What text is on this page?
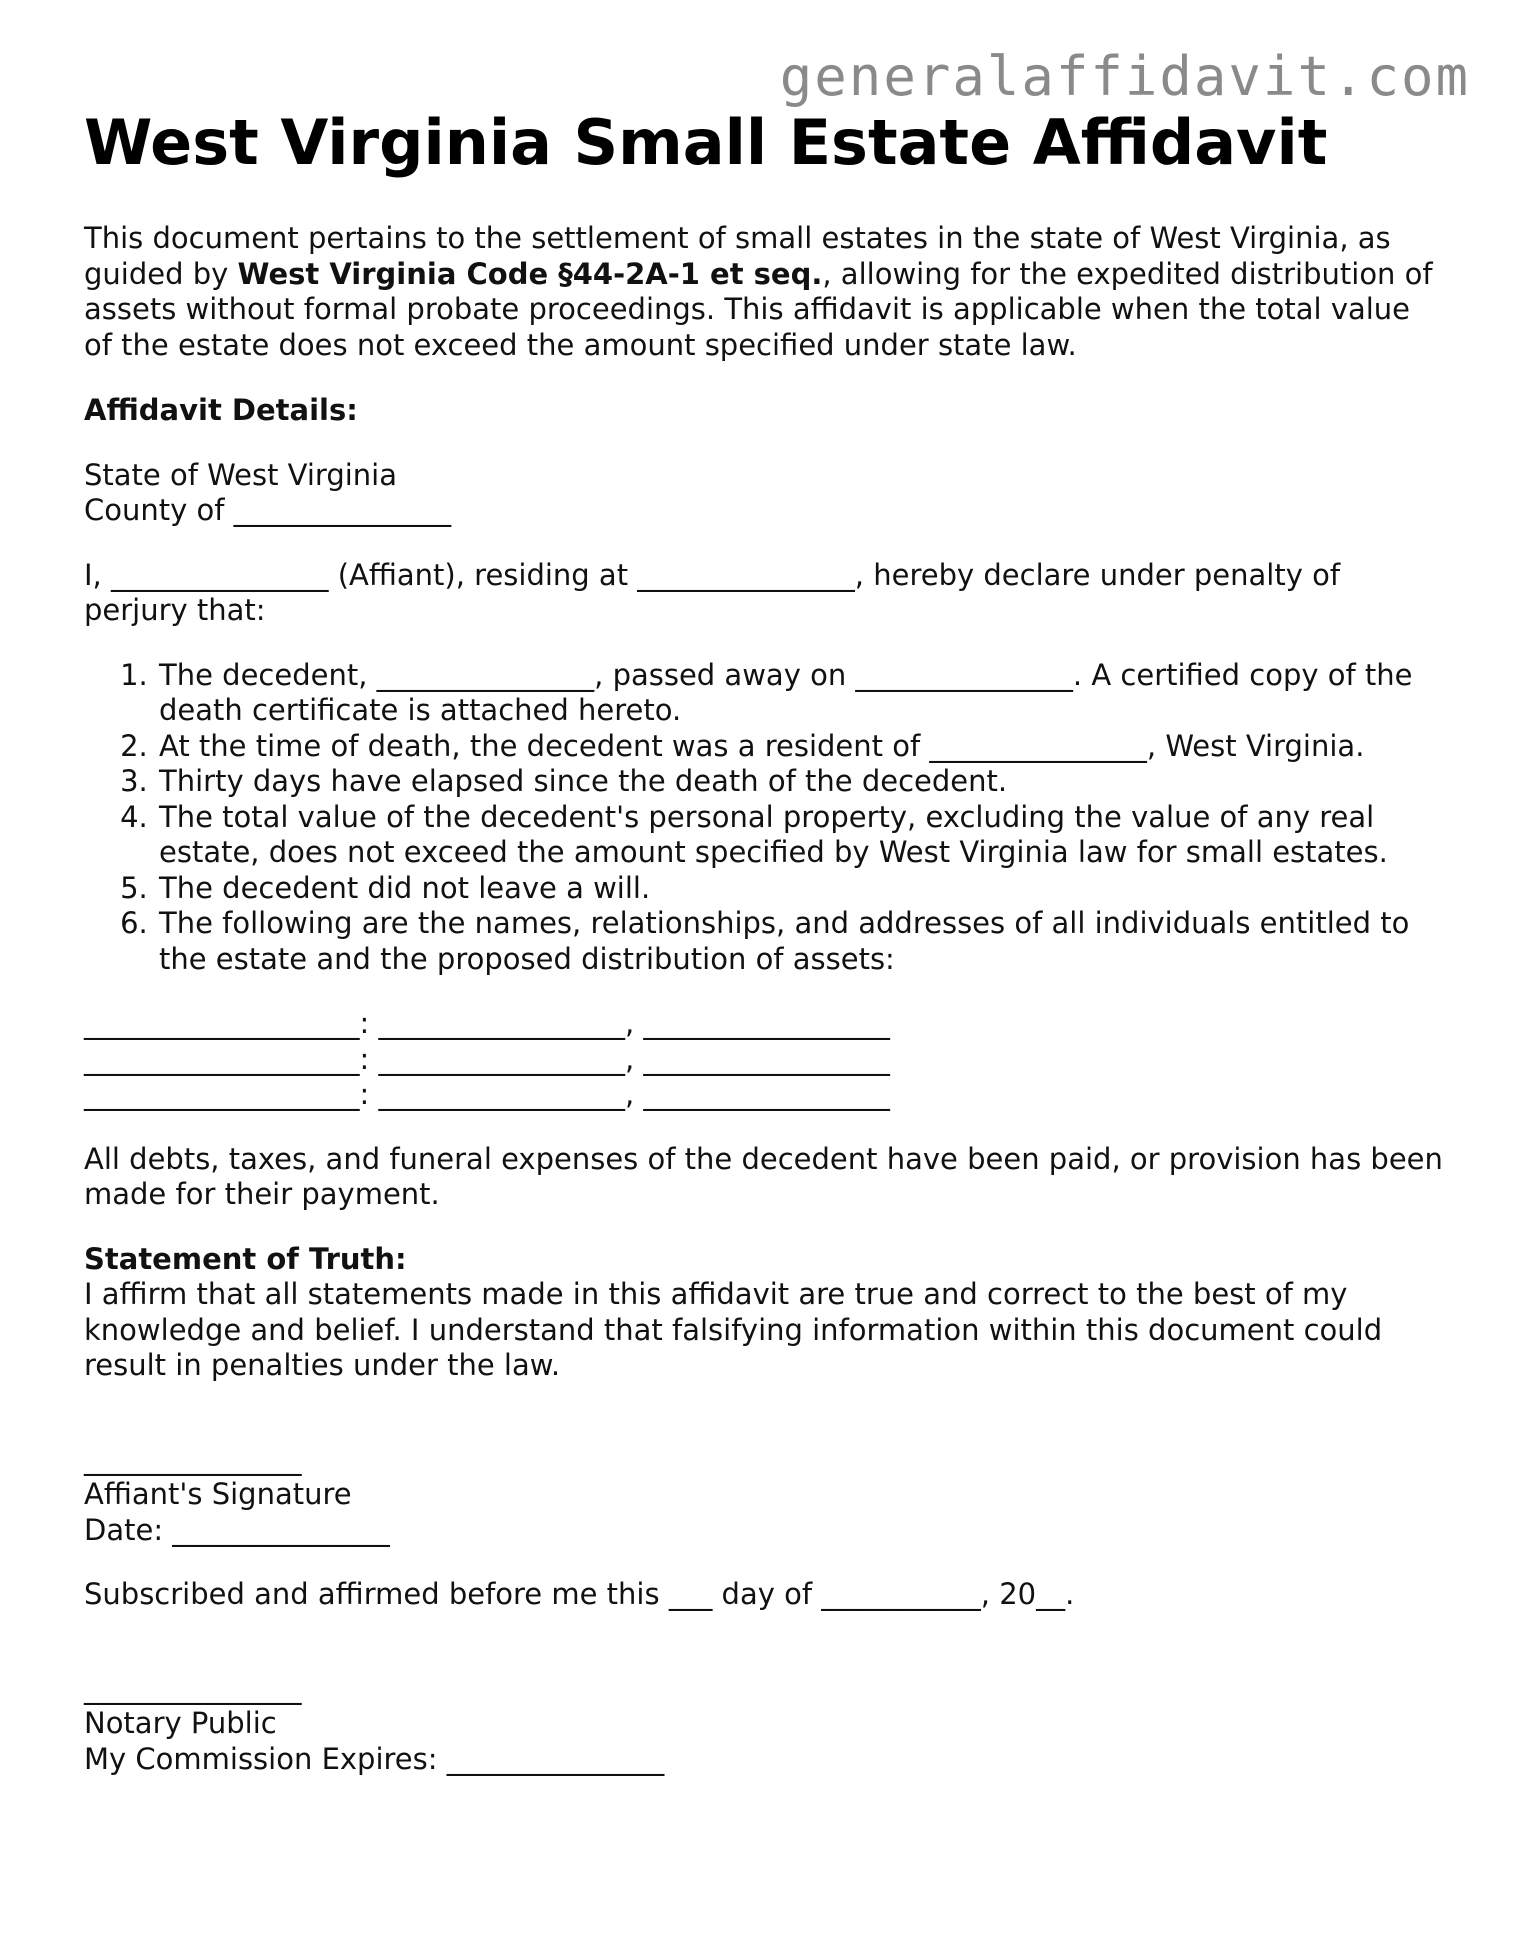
generalaffidavit.com
West Virginia Small Estate Affidavit

This document pertains to the settlement of small estates in the state of West Virginia, as guided by West Virginia Code §44-2A-1 et seq., allowing for the expedited distribution of assets without formal probate proceedings. This affidavit is applicable when the total value of the estate does not exceed the amount specified under state law.

Affidavit Details:

State of West Virginia

County of _______________

I, _______________ (Affiant), residing at _______________, hereby declare under penalty of perjury that:

1. The decedent, _______________, passed away on _______________. A certified copy of the death certificate is attached hereto.
2. At the time of death, the decedent was a resident of _______________, West Virginia.
3. Thirty days have elapsed since the death of the decedent.
4. The total value of the decedent's personal property, excluding the value of any real estate, does not exceed the amount specified by West Virginia law for small estates.
5. The decedent did not leave a will.
6. The following are the names, relationships, and addresses of all individuals entitled to the estate and the proposed distribution of assets:
___________________: _________________, _________________
___________________: _________________, _________________
___________________: _________________, _________________

All debts, taxes, and funeral expenses of the decedent have been paid, or provision has been made for their payment.

Statement of Truth:

I affirm that all statements made in this affidavit are true and correct to the best of my knowledge and belief. I understand that falsifying information within this document could result in penalties under the law.

_______________

Affiant's Signature

Date: _______________

Subscribed and affirmed before me this ___ day of ___________, 20__.

_______________

Notary Public

My Commission Expires: _______________
